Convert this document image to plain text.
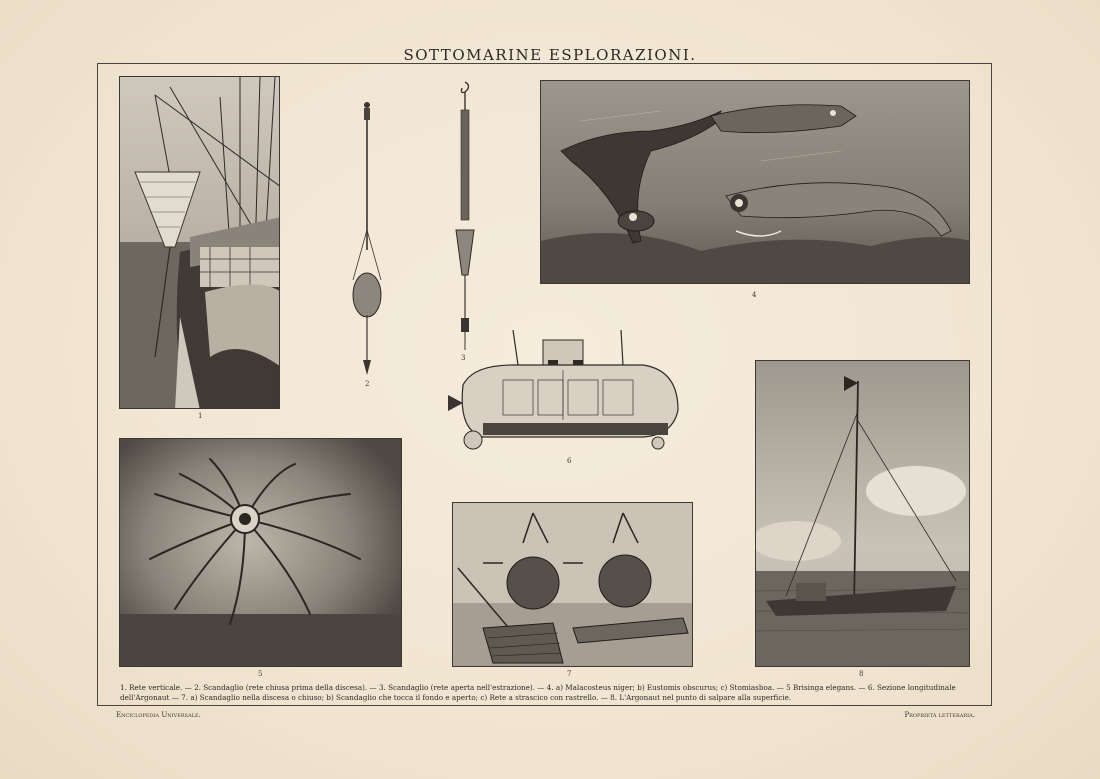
SOTTOMARINE ESPLORAZIONI.
1
2
3
4
6
5	7	8
1. Rete verticale. — 2. Scandaglio (rete chiusa prima della discesa). — 3. Scandaglio (rete aperta nell'estrazione). — 4. a) Malacosteus niger; b) Eustomis obscurus; c) Stomiasboa. — 5 Brisinga elegans. — 6. Sezione longitudinale
dell'Argonaut — 7. a) Scandaglio nella discesa o chiuso; b) Scandaglio che tocca il fondo e aperto; c) Rete a strascico con rastrello. — 8. L'Argonaut nel punto di salpare alla superficie.
Enciclopedia Universale.	Proprietà letteraria.
